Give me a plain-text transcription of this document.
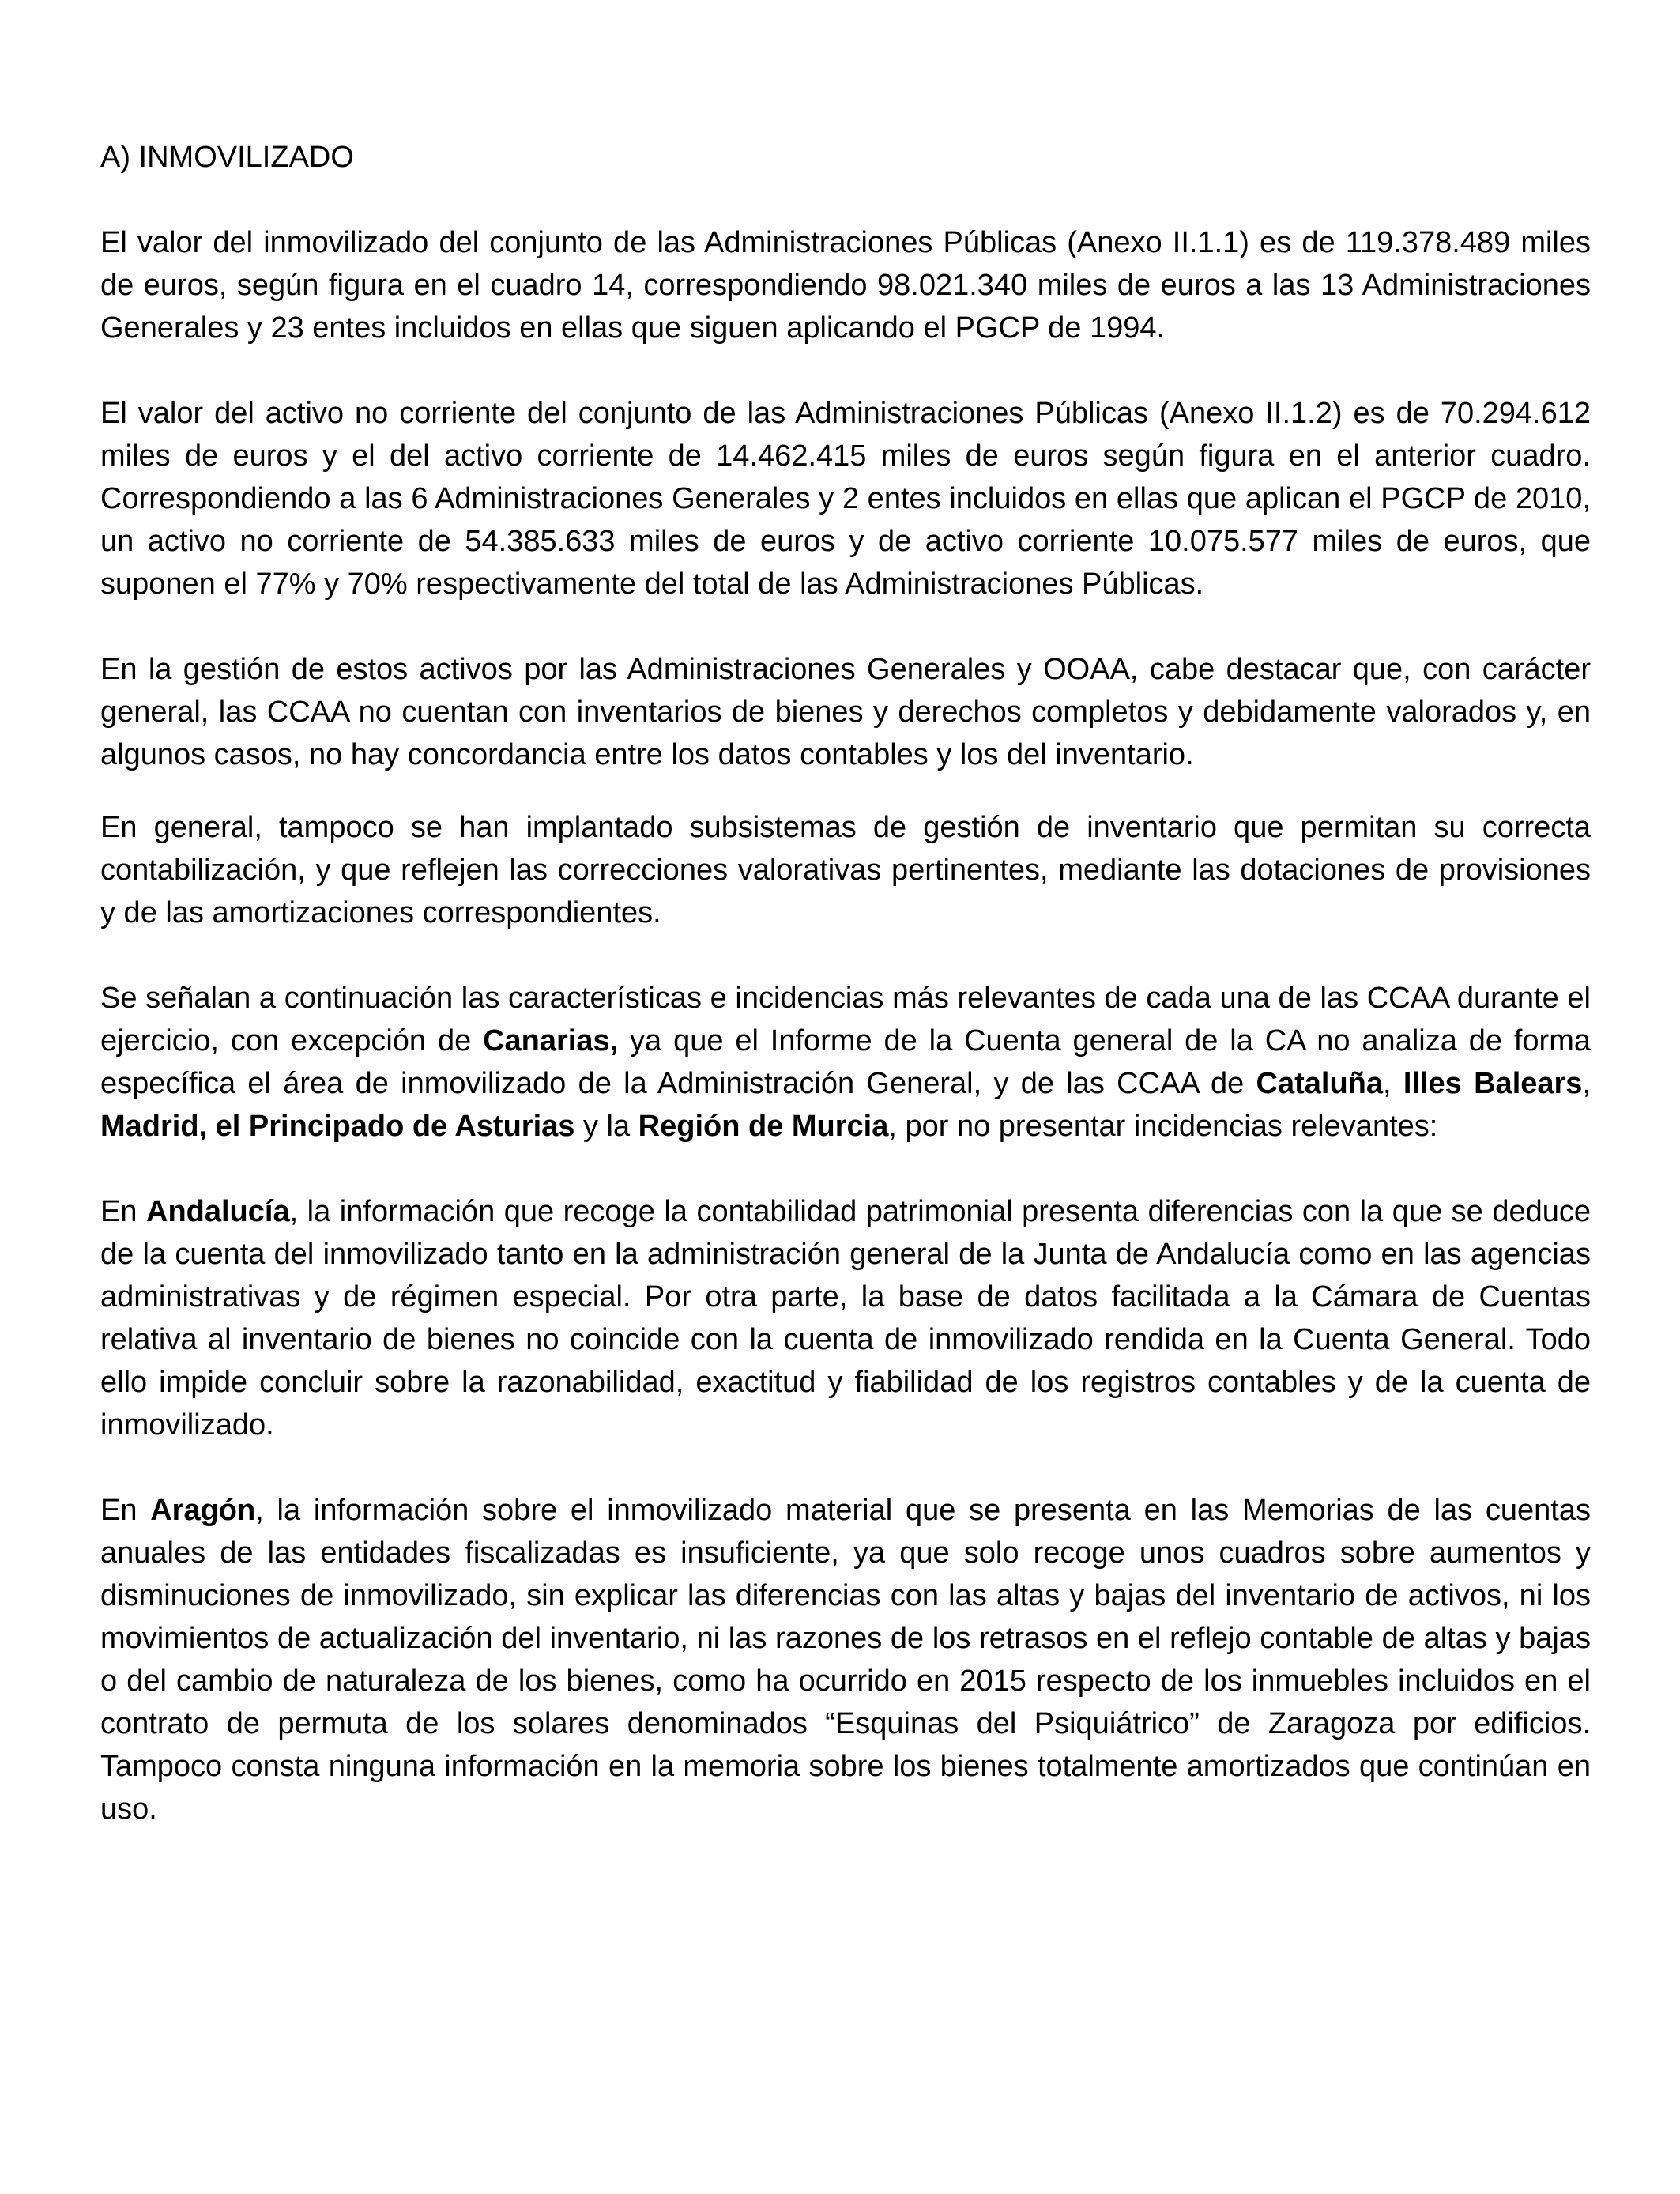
A) INMOVILIZADO

El valor del inmovilizado del conjunto de las Administraciones Públicas (Anexo II.1.1) es de 119.378.489 miles de euros, según figura en el cuadro 14, correspondiendo 98.021.340 miles de euros a las 13 Administraciones Generales y 23 entes incluidos en ellas que siguen aplicando el PGCP de 1994.

El valor del activo no corriente del conjunto de las Administraciones Públicas (Anexo II.1.2) es de 70.294.612 miles de euros y el del activo corriente de 14.462.415 miles de euros según figura en el anterior cuadro. Correspondiendo a las 6 Administraciones Generales y 2 entes incluidos en ellas que aplican el PGCP de 2010, un activo no corriente de 54.385.633 miles de euros y de activo corriente 10.075.577 miles de euros, que suponen el 77% y 70% respectivamente del total de las Administraciones Públicas.

En la gestión de estos activos por las Administraciones Generales y OOAA, cabe destacar que, con carácter general, las CCAA no cuentan con inventarios de bienes y derechos completos y debidamente valorados y, en algunos casos, no hay concordancia entre los datos contables y los del inventario.

En general, tampoco se han implantado subsistemas de gestión de inventario que permitan su correcta contabilización, y que reflejen las correcciones valorativas pertinentes, mediante las dotaciones de provisiones y de las amortizaciones correspondientes.

Se señalan a continuación las características e incidencias más relevantes de cada una de las CCAA durante el ejercicio, con excepción de Canarias, ya que el Informe de la Cuenta general de la CA no analiza de forma específica el área de inmovilizado de la Administración General, y de las CCAA de Cataluña, Illes Balears, Madrid, el Principado de Asturias y la Región de Murcia, por no presentar incidencias relevantes:

En Andalucía, la información que recoge la contabilidad patrimonial presenta diferencias con la que se deduce de la cuenta del inmovilizado tanto en la administración general de la Junta de Andalucía como en las agencias administrativas y de régimen especial. Por otra parte, la base de datos facilitada a la Cámara de Cuentas relativa al inventario de bienes no coincide con la cuenta de inmovilizado rendida en la Cuenta General. Todo ello impide concluir sobre la razonabilidad, exactitud y fiabilidad de los registros contables y de la cuenta de inmovilizado.

En Aragón, la información sobre el inmovilizado material que se presenta en las Memorias de las cuentas anuales de las entidades fiscalizadas es insuficiente, ya que solo recoge unos cuadros sobre aumentos y disminuciones de inmovilizado, sin explicar las diferencias con las altas y bajas del inventario de activos, ni los movimientos de actualización del inventario, ni las razones de los retrasos en el reflejo contable de altas y bajas o del cambio de naturaleza de los bienes, como ha ocurrido en 2015 respecto de los inmuebles incluidos en el contrato de permuta de los solares denominados “Esquinas del Psiquiátrico” de Zaragoza por edificios. Tampoco consta ninguna información en la memoria sobre los bienes totalmente amortizados que continúan en uso.
